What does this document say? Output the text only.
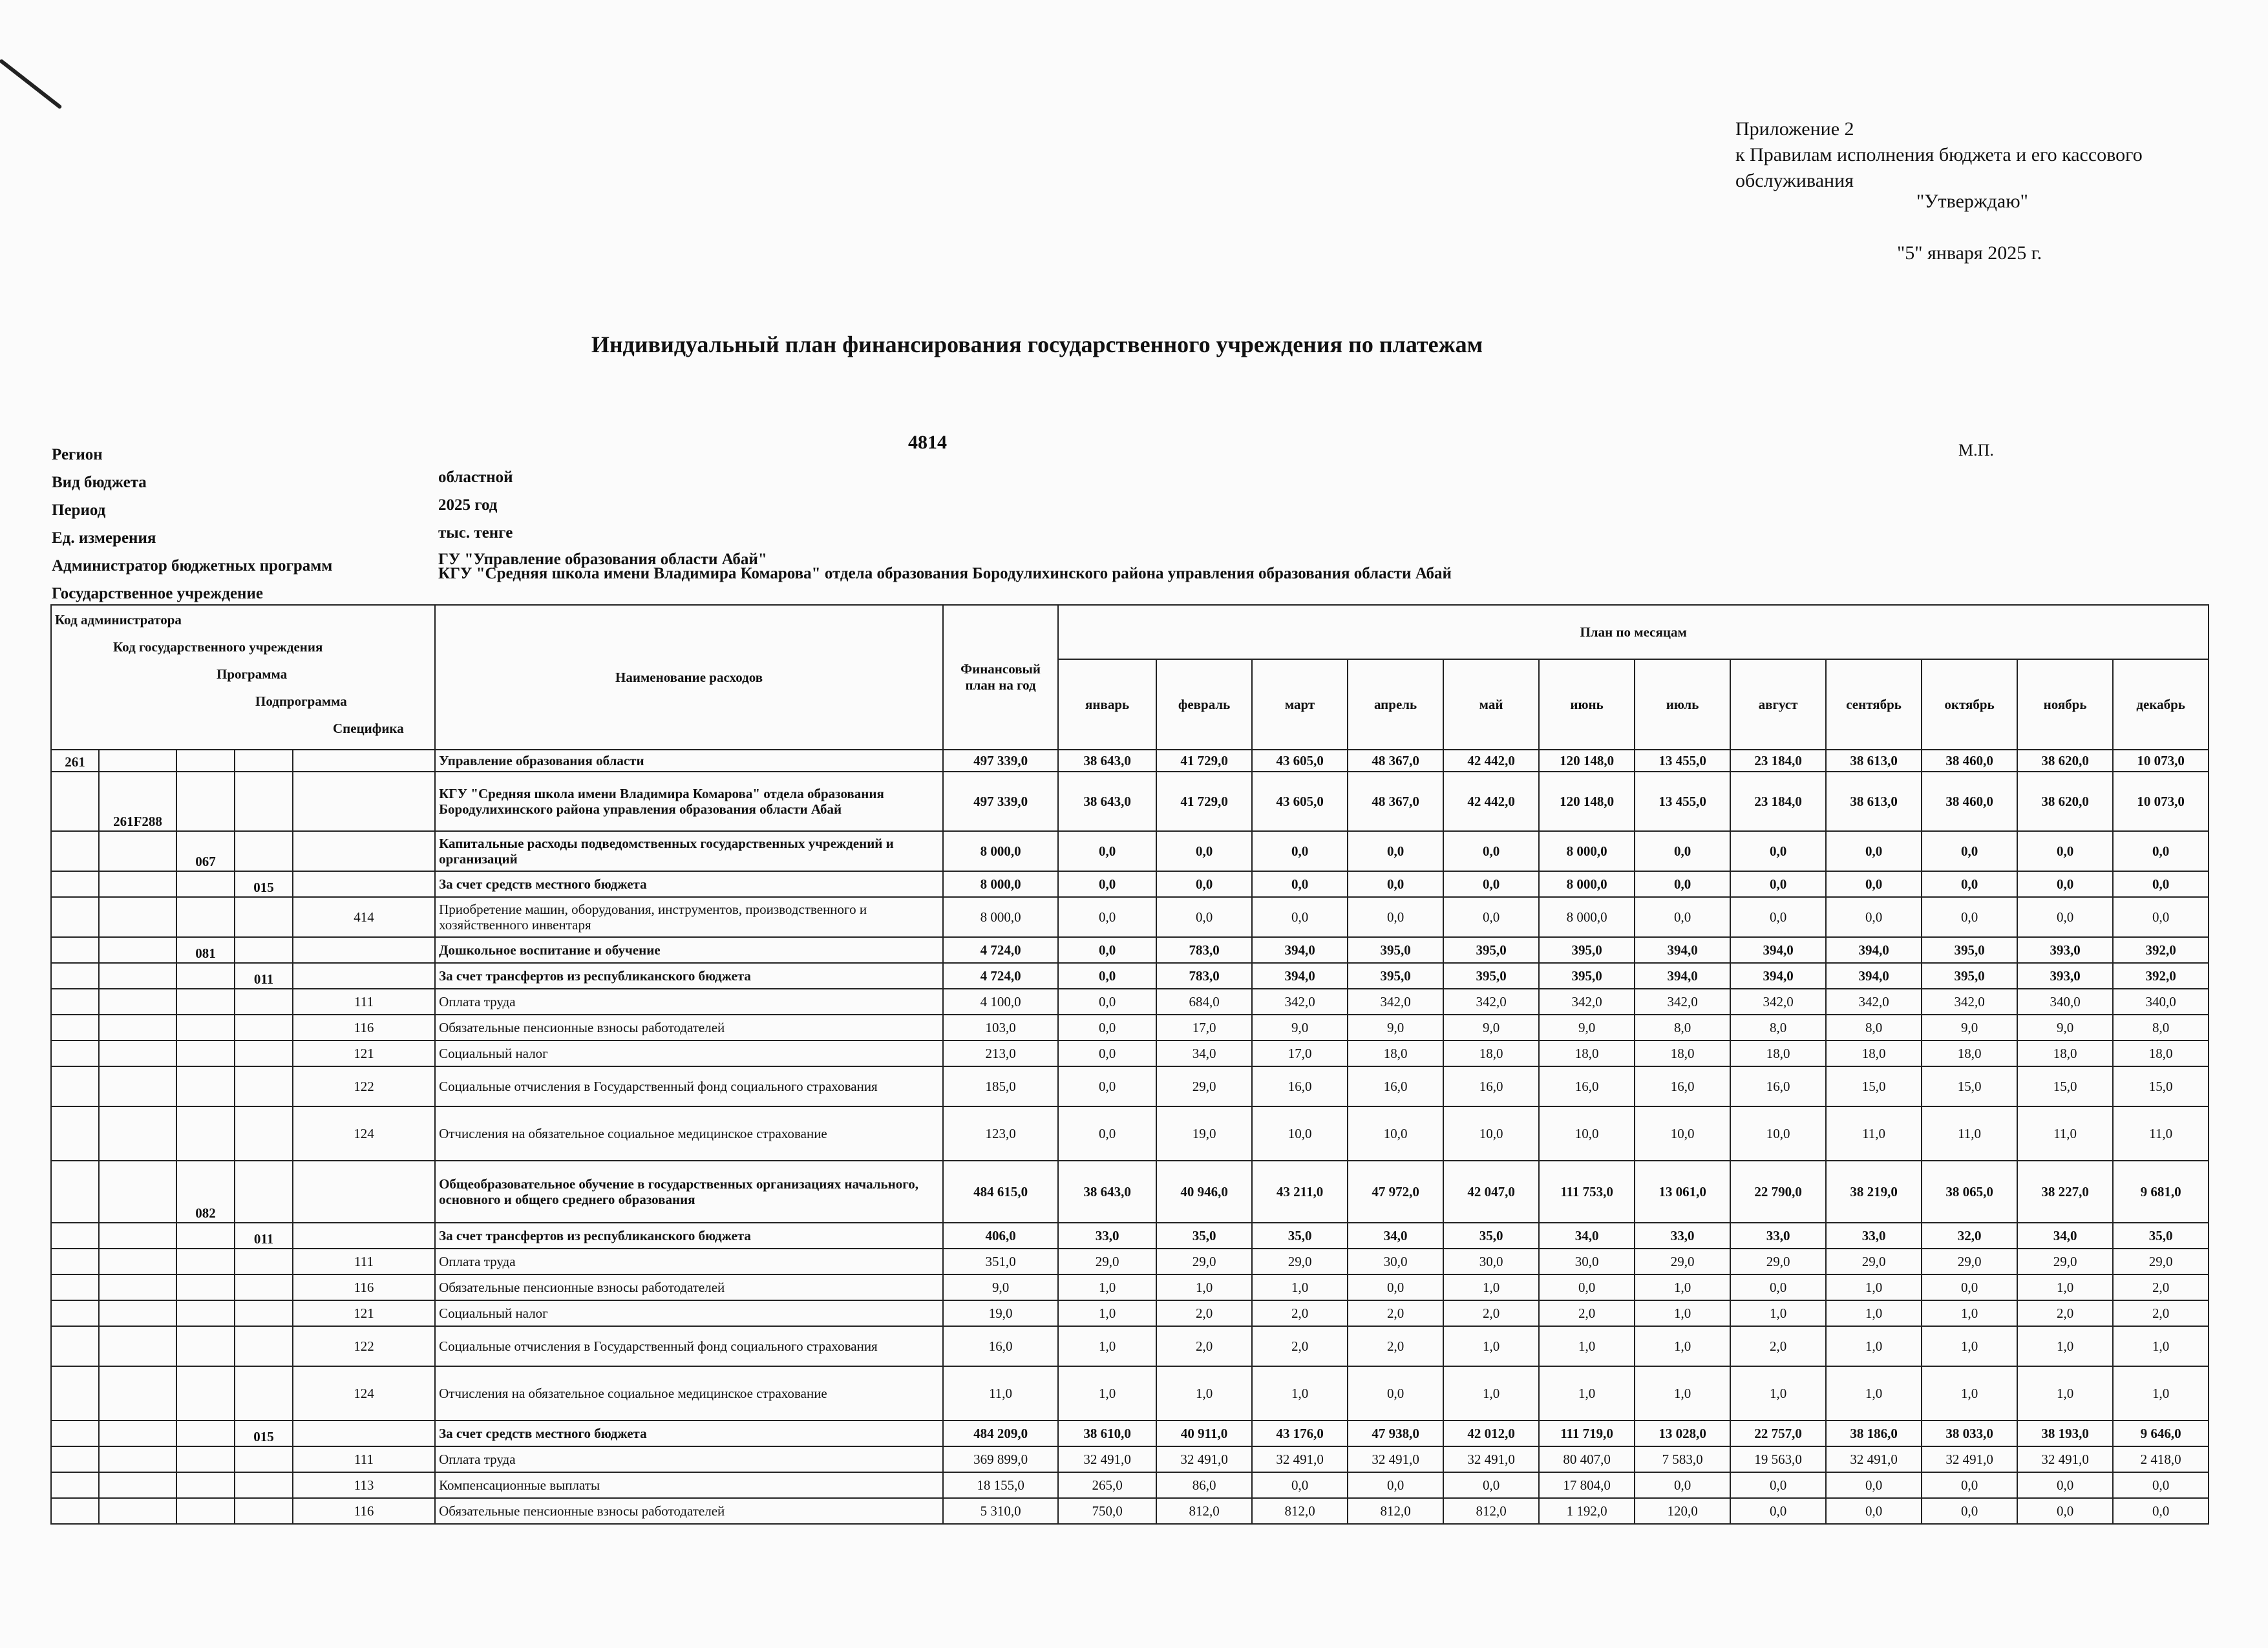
Приложение 2
к Правилам исполнения бюджета и его кассового
обслуживания
"Утверждаю"
"5" января 2025 г.
Индивидуальный план финансирования государственного учреждения по платежам
4814	М.П.
Регион
Вид бюджета	областной
Период	2025 год
Ед. измерения	тыс. тенге
Администратор бюджетных программ	ГУ "Управление образования области Абай"
Государственное учреждение
КГУ "Средняя школа имени Владимира Комарова" отдела образования Бородулихинского района управления образования области Абай
Код администратора
Код государственного учреждения
Программа
Подпрограмма
Специфика					Наименование расходов	Финансовый план на год	План по месяцам											
							январь	февраль	март	апрель	май	июнь	июль	август	сентябрь	октябрь	ноябрь	декабрь
261					Управление образования области	497 339,0	38 643,0	41 729,0	43 605,0	48 367,0	42 442,0	120 148,0	13 455,0	23 184,0	38 613,0	38 460,0	38 620,0	10 073,0
	261F288				КГУ "Средняя школа имени Владимира Комарова" отдела образования Бородулихинского района управления образования области Абай	497 339,0	38 643,0	41 729,0	43 605,0	48 367,0	42 442,0	120 148,0	13 455,0	23 184,0	38 613,0	38 460,0	38 620,0	10 073,0
		067			Капитальные расходы подведомственных государственных учреждений и организаций	8 000,0	0,0	0,0	0,0	0,0	0,0	8 000,0	0,0	0,0	0,0	0,0	0,0	0,0
			015		За счет средств местного бюджета	8 000,0	0,0	0,0	0,0	0,0	0,0	8 000,0	0,0	0,0	0,0	0,0	0,0	0,0
				414	Приобретение машин, оборудования, инструментов, производственного и хозяйственного инвентаря	8 000,0	0,0	0,0	0,0	0,0	0,0	8 000,0	0,0	0,0	0,0	0,0	0,0	0,0
		081			Дошкольное воспитание и обучение	4 724,0	0,0	783,0	394,0	395,0	395,0	395,0	394,0	394,0	394,0	395,0	393,0	392,0
			011		За счет трансфертов из республиканского бюджета	4 724,0	0,0	783,0	394,0	395,0	395,0	395,0	394,0	394,0	394,0	395,0	393,0	392,0
				111	Оплата труда	4 100,0	0,0	684,0	342,0	342,0	342,0	342,0	342,0	342,0	342,0	342,0	340,0	340,0
				116	Обязательные пенсионные взносы работодателей	103,0	0,0	17,0	9,0	9,0	9,0	9,0	8,0	8,0	8,0	9,0	9,0	8,0
				121	Социальный налог	213,0	0,0	34,0	17,0	18,0	18,0	18,0	18,0	18,0	18,0	18,0	18,0	18,0
				122	Социальные отчисления в Государственный фонд социального страхования	185,0	0,0	29,0	16,0	16,0	16,0	16,0	16,0	16,0	15,0	15,0	15,0	15,0
				124	Отчисления на обязательное социальное медицинское страхование	123,0	0,0	19,0	10,0	10,0	10,0	10,0	10,0	10,0	11,0	11,0	11,0	11,0
		082			Общеобразовательное обучение в государственных организациях начального, основного и общего среднего образования	484 615,0	38 643,0	40 946,0	43 211,0	47 972,0	42 047,0	111 753,0	13 061,0	22 790,0	38 219,0	38 065,0	38 227,0	9 681,0
			011		За счет трансфертов из республиканского бюджета	406,0	33,0	35,0	35,0	34,0	35,0	34,0	33,0	33,0	33,0	32,0	34,0	35,0
				111	Оплата труда	351,0	29,0	29,0	29,0	30,0	30,0	30,0	29,0	29,0	29,0	29,0	29,0	29,0
				116	Обязательные пенсионные взносы работодателей	9,0	1,0	1,0	1,0	0,0	1,0	0,0	1,0	0,0	1,0	0,0	1,0	2,0
				121	Социальный налог	19,0	1,0	2,0	2,0	2,0	2,0	2,0	1,0	1,0	1,0	1,0	2,0	2,0
				122	Социальные отчисления в Государственный фонд социального страхования	16,0	1,0	2,0	2,0	2,0	1,0	1,0	1,0	2,0	1,0	1,0	1,0	1,0
				124	Отчисления на обязательное социальное медицинское страхование	11,0	1,0	1,0	1,0	0,0	1,0	1,0	1,0	1,0	1,0	1,0	1,0	1,0
			015		За счет средств местного бюджета	484 209,0	38 610,0	40 911,0	43 176,0	47 938,0	42 012,0	111 719,0	13 028,0	22 757,0	38 186,0	38 033,0	38 193,0	9 646,0
				111	Оплата труда	369 899,0	32 491,0	32 491,0	32 491,0	32 491,0	32 491,0	80 407,0	7 583,0	19 563,0	32 491,0	32 491,0	32 491,0	2 418,0
				113	Компенсационные выплаты	18 155,0	265,0	86,0	0,0	0,0	0,0	17 804,0	0,0	0,0	0,0	0,0	0,0	0,0
				116	Обязательные пенсионные взносы работодателей	5 310,0	750,0	812,0	812,0	812,0	812,0	1 192,0	120,0	0,0	0,0	0,0	0,0	0,0
